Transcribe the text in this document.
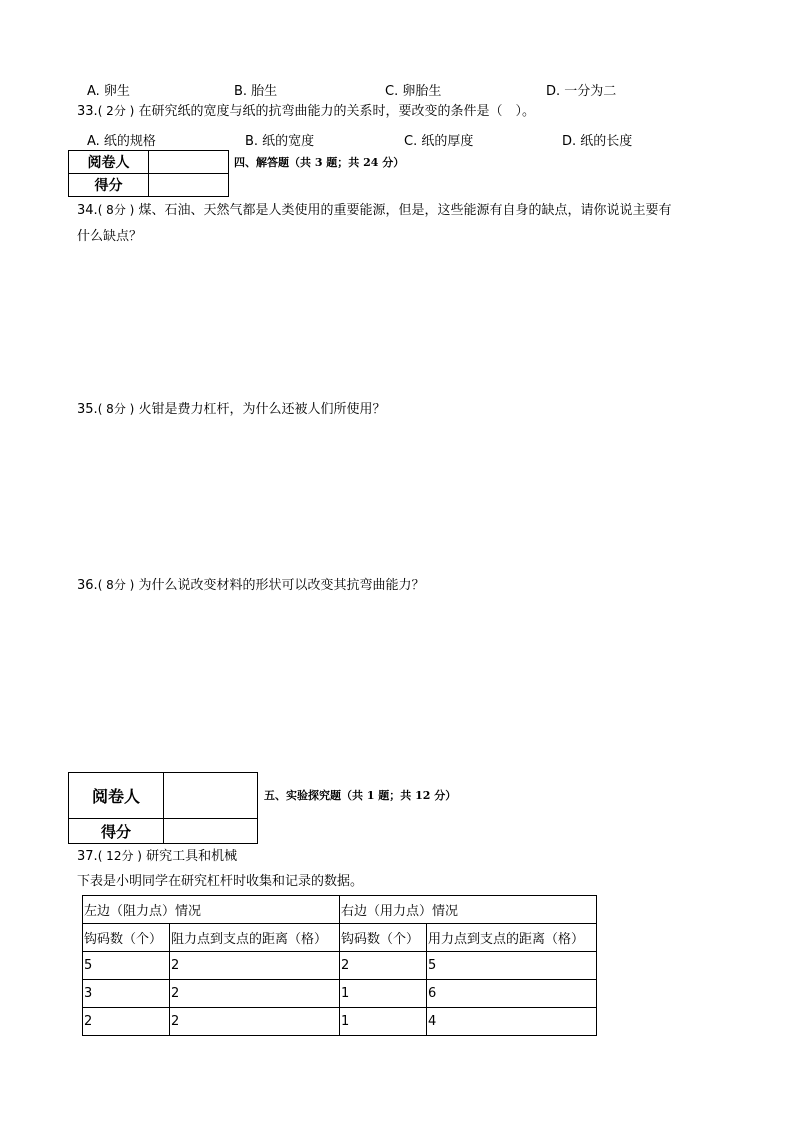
A. 卵生	B. 胎生	C. 卵胎生	D. 一分为二
33.( 2分 ) 在研究纸的宽度与纸的抗弯曲能力的关系时，要改变的条件是（　）。
A. 纸的规格	B. 纸的宽度	C. 纸的厚度	D. 纸的长度
阅卷人	
得分	
四、解答题（共 3 题；共 24 分）
34.( 8分 ) 煤、石油、天然气都是人类使用的重要能源，但是，这些能源有自身的缺点，请你说说主要有
什么缺点？
35.( 8分 ) 火钳是费力杠杆，为什么还被人们所使用？
36.( 8分 ) 为什么说改变材料的形状可以改变其抗弯曲能力？
阅卷人	
得分	
五、实验探究题（共 1 题；共 12 分）
37.( 12分 ) 研究工具和机械
下表是小明同学在研究杠杆时收集和记录的数据。
左边（阻力点）情况		右边（用力点）情况	
钩码数（个）	阻力点到支点的距离（格）	钩码数（个）	用力点到支点的距离（格）
5	2	2	5
3	2	1	6
2	2	1	4
